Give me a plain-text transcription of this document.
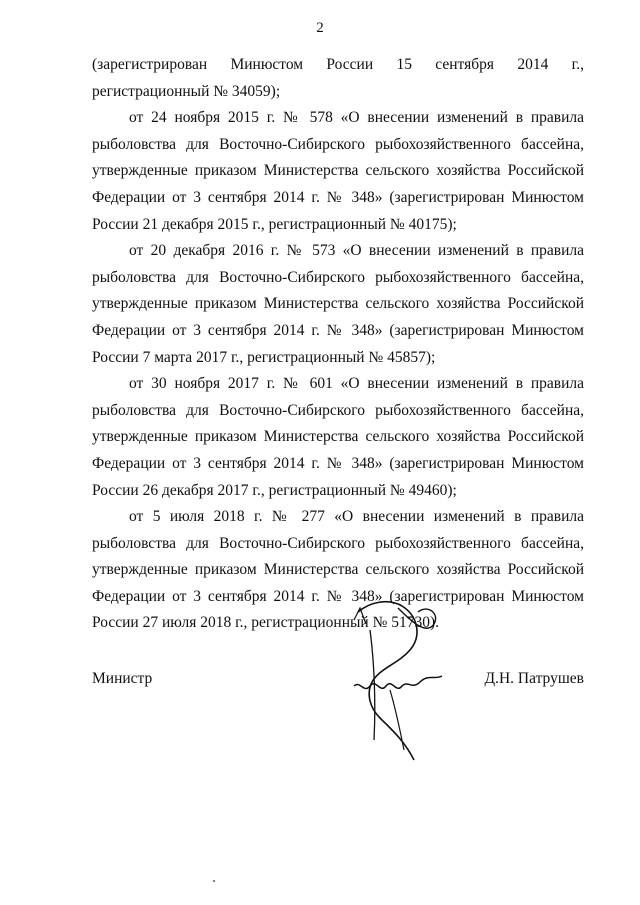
2

(зарегистрирован Минюстом России 15 сентября 2014 г., регистрационный № 34059);

от 24 ноября 2015 г. № 578 «О внесении изменений в правила рыболовства для Восточно-Сибирского рыбохозяйственного бассейна, утвержденные приказом Министерства сельского хозяйства Российской Федерации от 3 сентября 2014 г. № 348» (зарегистрирован Минюстом России 21 декабря 2015 г., регистрационный № 40175);

от 20 декабря 2016 г. № 573 «О внесении изменений в правила рыболовства для Восточно-Сибирского рыбохозяйственного бассейна, утвержденные приказом Министерства сельского хозяйства Российской Федерации от 3 сентября 2014 г. № 348» (зарегистрирован Минюстом России 7 марта 2017 г., регистрационный № 45857);

от 30 ноября 2017 г. № 601 «О внесении изменений в правила рыболовства для Восточно-Сибирского рыбохозяйственного бассейна, утвержденные приказом Министерства сельского хозяйства Российской Федерации от 3 сентября 2014 г. № 348» (зарегистрирован Минюстом России 26 декабря 2017 г., регистрационный № 49460);

от 5 июля 2018 г. № 277 «О внесении изменений в правила рыболовства для Восточно-Сибирского рыбохозяйственного бассейна, утвержденные приказом Министерства сельского хозяйства Российской Федерации от 3 сентября 2014 г. № 348» (зарегистрирован Минюстом России 27 июля 2018 г., регистрационный № 51730).

Министр	Д.Н. Патрушев
